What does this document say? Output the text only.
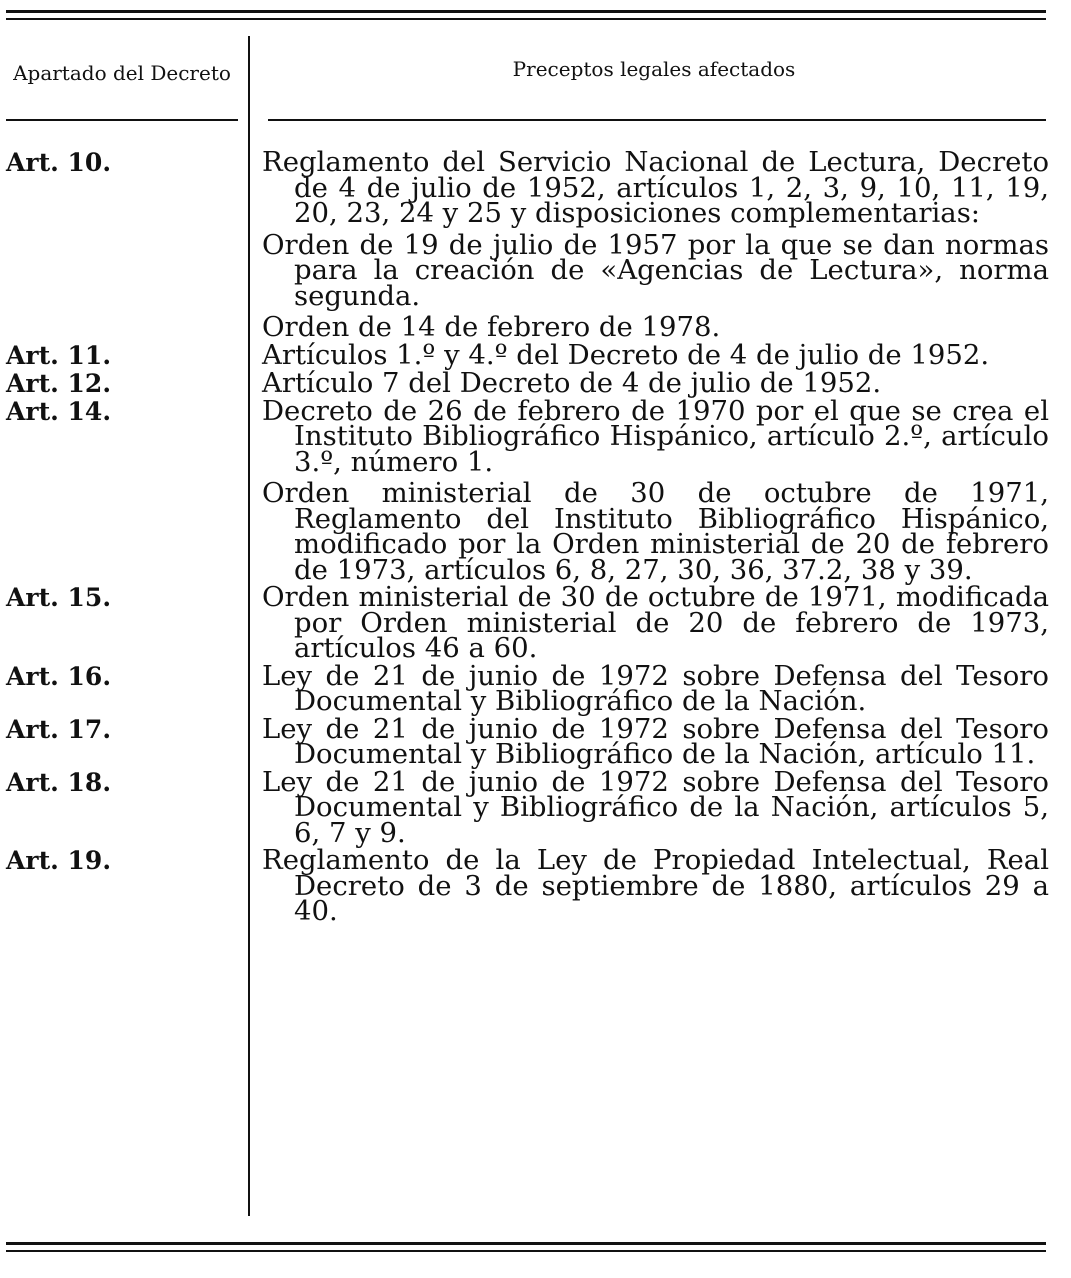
Apartado del Decreto	Preceptos legales afectados
Art. 10.	Reglamento del Servicio Nacional de Lectura, Decreto de 4 de julio de 1952, artículos 1, 2, 3, 9, 10, 11, 19, 20, 23, 24 y 25 y disposiciones complementarias:
Orden de 19 de julio de 1957 por la que se dan normas para la creación de «Agencias de Lectura», norma segunda.
Orden de 14 de febrero de 1978.
Art. 11.	Artículos 1.º y 4.º del Decreto de 4 de julio de 1952.
Art. 12.	Artículo 7 del Decreto de 4 de julio de 1952.
Art. 14.	Decreto de 26 de febrero de 1970 por el que se crea el Instituto Bibliográfico Hispánico, artículo 2.º, artículo 3.º, número 1.
Orden ministerial de 30 de octubre de 1971, Reglamento del Instituto Bibliográfico Hispánico, modificado por la Orden ministerial de 20 de febrero de 1973, artículos 6, 8, 27, 30, 36, 37.2, 38 y 39.
Art. 15.	Orden ministerial de 30 de octubre de 1971, modificada por Orden ministerial de 20 de febrero de 1973, artículos 46 a 60.
Art. 16.	Ley de 21 de junio de 1972 sobre Defensa del Tesoro Documental y Bibliográfico de la Nación.
Art. 17.	Ley de 21 de junio de 1972 sobre Defensa del Tesoro Documental y Bibliográfico de la Nación, artículo 11.
Art. 18.	Ley de 21 de junio de 1972 sobre Defensa del Tesoro Documental y Bibliográfico de la Nación, artículos 5, 6, 7 y 9.
Art. 19.	Reglamento de la Ley de Propiedad Intelectual, Real Decreto de 3 de septiembre de 1880, artículos 29 a 40.
